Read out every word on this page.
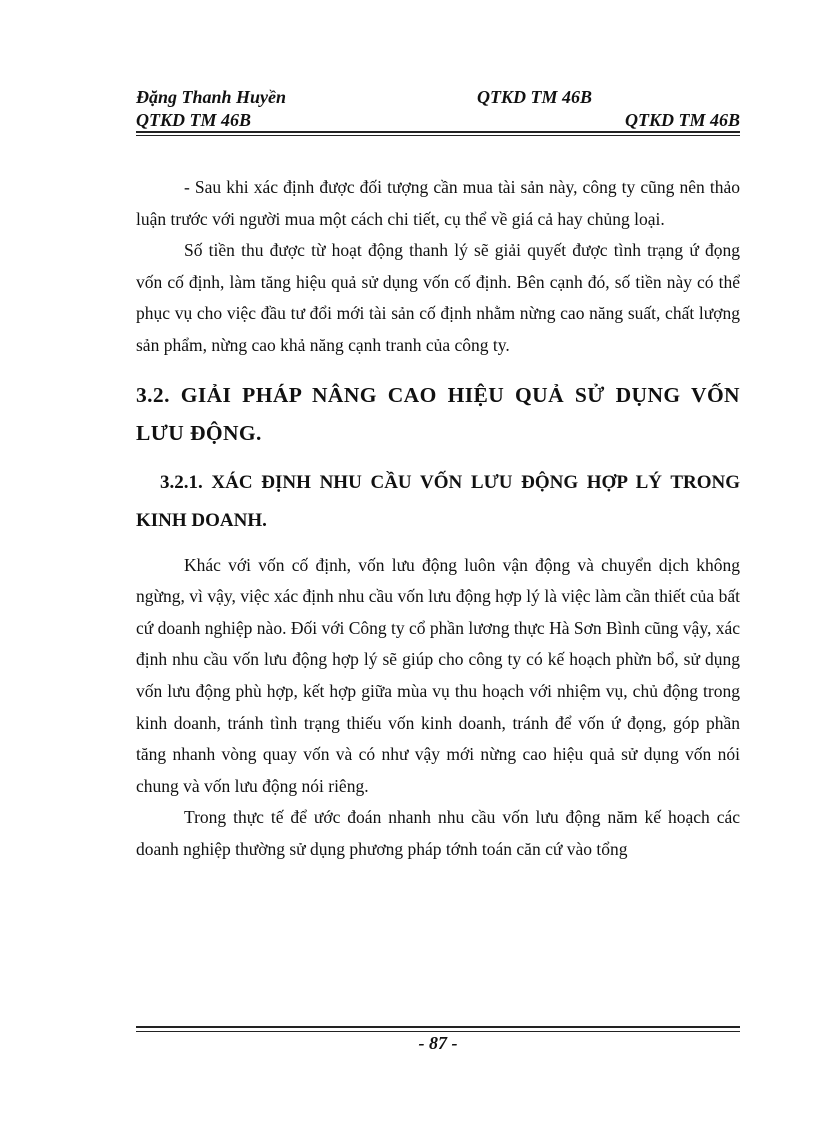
Đặng Thanh Huyền	QTKD TM 46B
QTKD TM 46B	QTKD TM 46B

- Sau khi xác định được đối tượng cần mua tài sản này, công ty cũng nên thảo luận trước với người mua một cách chi tiết, cụ thể về giá cả hay chủng loại.

Số tiền thu được từ hoạt động thanh lý sẽ giải quyết được tình trạng ứ đọng vốn cố định, làm tăng hiệu quả sử dụng vốn cố định. Bên cạnh đó, số tiền này có thể phục vụ cho việc đầu tư đổi mới tài sản cố định nhằm nừng cao năng suất, chất lượng sản phẩm, nừng cao khả năng cạnh tranh của công ty.

3.2. GIẢI PHÁP NÂNG CAO HIỆU QUẢ SỬ DỤNG VỐN LƯU ĐỘNG.
3.2.1. XÁC ĐỊNH NHU CẦU VỐN LƯU ĐỘNG HỢP LÝ TRONG KINH DOANH.

Khác với vốn cố định, vốn lưu động luôn vận động và chuyển dịch không ngừng, vì vậy, việc xác định nhu cầu vốn lưu động hợp lý là việc làm cần thiết của bất cứ doanh nghiệp nào. Đối với Công ty cổ phần lương thực Hà Sơn Bình cũng vậy, xác định nhu cầu vốn lưu động hợp lý sẽ giúp cho công ty có kế hoạch phừn bổ, sử dụng vốn lưu động phù hợp, kết hợp giữa mùa vụ thu hoạch với nhiệm vụ, chủ động trong kinh doanh, tránh tình trạng thiếu vốn kinh doanh, tránh để vốn ứ đọng, góp phần tăng nhanh vòng quay vốn và có như vậy mới nừng cao hiệu quả sử dụng vốn nói chung và vốn lưu động nói riêng.

Trong thực tế để ước đoán nhanh nhu cầu vốn lưu động năm kế hoạch các doanh nghiệp thường sử dụng phương pháp tớnh toán căn cứ vào tổng

- 87 -
